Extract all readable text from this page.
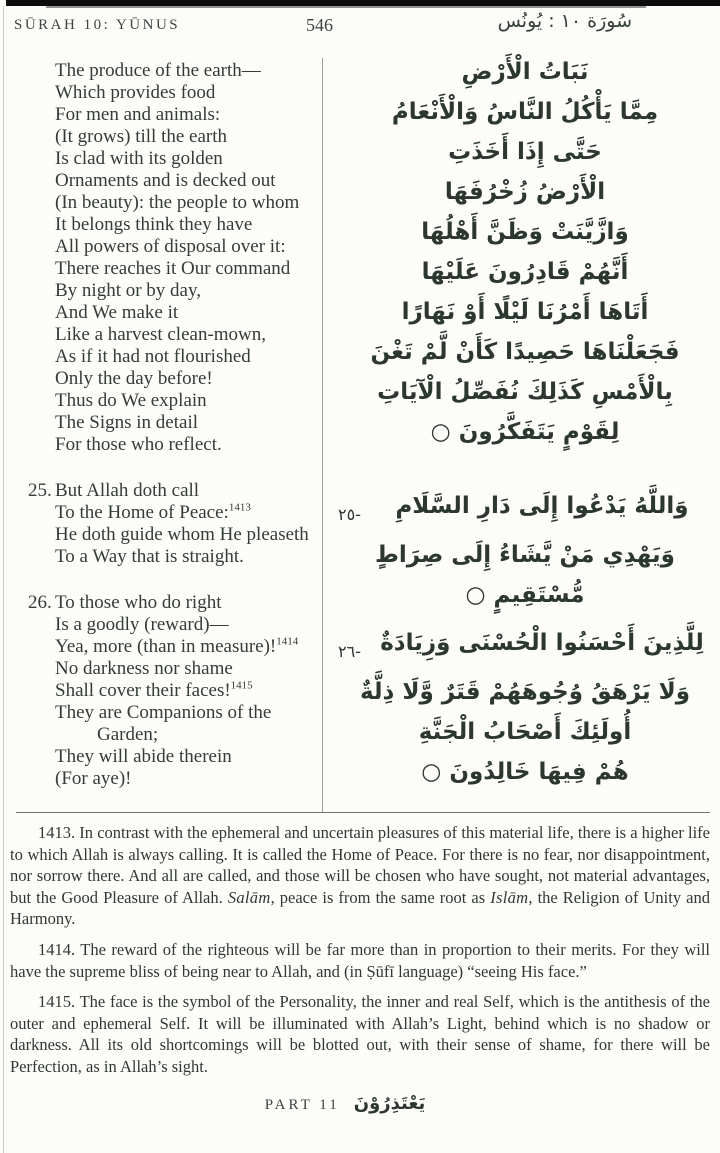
SŪRAH 10: YŪNUS	546	سُورَة ١٠ : يُونُس
The produce of the earth—
Which provides food
For men and animals:
(It grows) till the earth
Is clad with its golden
Ornaments and is decked out
(In beauty): the people to whom
It belongs think they have
All powers of disposal over it:
There reaches it Our command
By night or by day,
And We make it
Like a harvest clean-mown,
As if it had not flourished
Only the day before!
Thus do We explain
The Signs in detail
For those who reflect.
25. But Allah doth call
To the Home of Peace:$^{1413}$
He doth guide whom He pleaseth
To a Way that is straight.
26. To those who do right
Is a goodly (reward)—
Yea, more (than in measure)!$^{1414}$
No darkness nor shame
Shall cover their faces!$^{1415}$
They are Companions of the
Garden;
They will abide therein
(For aye)!
نَبَاتُ الْأَرْضِ
مِمَّا يَأْكُلُ النَّاسُ وَالْأَنْعَامُ
حَتَّى إِذَا أَخَذَتِ
الْأَرْضُ زُخْرُفَهَا
وَازَّيَّنَتْ وَظَنَّ أَهْلُهَا
أَنَّهُمْ قَادِرُونَ عَلَيْهَا
أَتَاهَا أَمْرُنَا لَيْلًا أَوْ نَهَارًا
فَجَعَلْنَاهَا حَصِيدًا كَأَنْ لَّمْ تَغْنَ
بِالْأَمْسِ كَذَلِكَ نُفَصِّلُ الْآيَاتِ
لِقَوْمٍ يَتَفَكَّرُونَ ○
٢٥-	وَاللَّهُ يَدْعُوا إِلَى دَارِ السَّلَامِ
وَيَهْدِي مَنْ يَّشَاءُ إِلَى صِرَاطٍ
مُّسْتَقِيمٍ ○
٢٦- لِلَّذِينَ أَحْسَنُوا الْحُسْنَى وَزِيَادَةٌ
وَلَا يَرْهَقُ وُجُوهَهُمْ قَتَرٌ وَّلَا ذِلَّةٌ
أُولَئِكَ أَصْحَابُ الْجَنَّةِ
هُمْ فِيهَا خَالِدُونَ ○

1413. In contrast with the ephemeral and uncertain pleasures of this material life, there is a higher life to which Allah is always calling. It is called the Home of Peace. For there is no fear, nor disappointment, nor sorrow there. And all are called, and those will be chosen who have sought, not material advantages, but the Good Pleasure of Allah. Salām, peace is from the same root as Islām, the Religion of Unity and Harmony.

1414. The reward of the righteous will be far more than in proportion to their merits. For they will have the supreme bliss of being near to Allah, and (in Ṣūfī language) “seeing His face.”

1415. The face is the symbol of the Personality, the inner and real Self, which is the antithesis of the outer and ephemeral Self. It will be illuminated with Allah’s Light, behind which is no shadow or darkness. All its old shortcomings will be blotted out, with their sense of shame, for there will be Perfection, as in Allah’s sight.

PART 11 يَعْتَذِرُوْنَ
